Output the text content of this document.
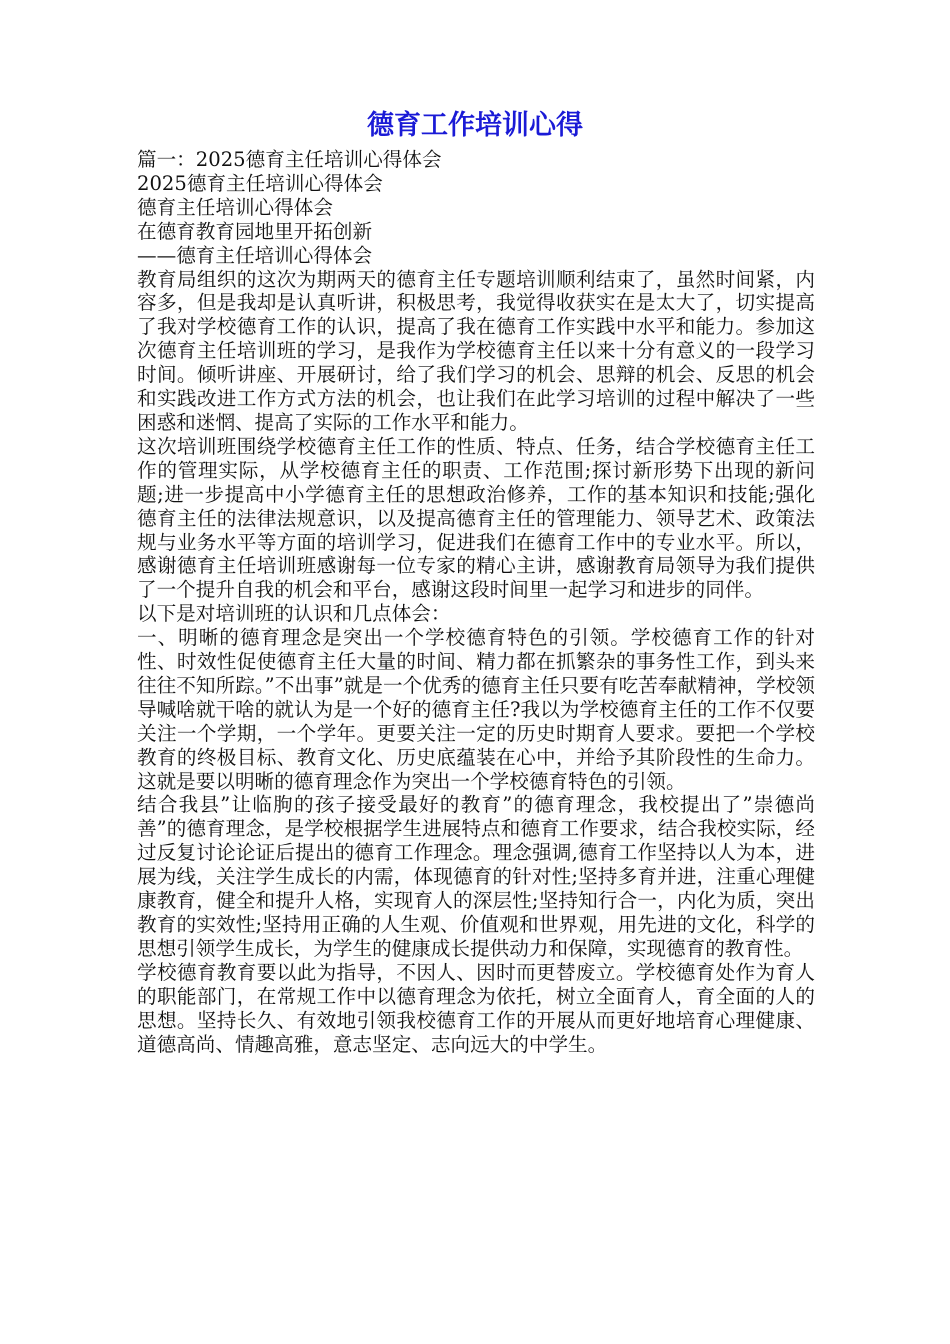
德育工作培训心得
篇一：2025德育主任培训心得体会
2025德育主任培训心得体会
德育主任培训心得体会
在德育教育园地里开拓创新
——德育主任培训心得体会

教育局组织的这次为期两天的德育主任专题培训顺利结束了，虽然时间紧，内容多，但是我却是认真听讲，积极思考，我觉得收获实在是太大了，切实提高了我对学校德育工作的认识，提高了我在德育工作实践中水平和能力。参加这次德育主任培训班的学习，是我作为学校德育主任以来十分有意义的一段学习时间。倾听讲座、开展研讨，给了我们学习的机会、思辩的机会、反思的机会和实践改进工作方式方法的机会，也让我们在此学习培训的过程中解决了一些困惑和迷惘、提高了实际的工作水平和能力。

这次培训班围绕学校德育主任工作的性质、特点、任务，结合学校德育主任工作的管理实际，从学校德育主任的职责、工作范围;探讨新形势下出现的新问题;进一步提高中小学德育主任的思想政治修养，工作的基本知识和技能;强化德育主任的法律法规意识，以及提高德育主任的管理能力、领导艺术、政策法规与业务水平等方面的培训学习，促进我们在德育工作中的专业水平。所以，感谢德育主任培训班感谢每一位专家的精心主讲，感谢教育局领导为我们提供了一个提升自我的机会和平台，感谢这段时间里一起学习和进步的同伴。

以下是对培训班的认识和几点体会：

一、明晰的德育理念是突出一个学校德育特色的引领。学校德育工作的针对性、时效性促使德育主任大量的时间、精力都在抓繁杂的事务性工作，到头来往往不知所踪。”不出事”就是一个优秀的德育主任只要有吃苦奉献精神，学校领导喊啥就干啥的就认为是一个好的德育主任?我以为学校德育主任的工作不仅要关注一个学期，一个学年。更要关注一定的历史时期育人要求。要把一个学校教育的终极目标、教育文化、历史底蕴装在心中，并给予其阶段性的生命力。这就是要以明晰的德育理念作为突出一个学校德育特色的引领。

结合我县”让临朐的孩子接受最好的教育”的德育理念，我校提出了”崇德尚善”的德育理念，是学校根据学生进展特点和德育工作要求，结合我校实际，经过反复讨论论证后提出的德育工作理念。理念强调,德育工作坚持以人为本，进展为线，关注学生成长的内需，体现德育的针对性;坚持多育并进，注重心理健康教育，健全和提升人格，实现育人的深层性;坚持知行合一，内化为质，突出教育的实效性;坚持用正确的人生观、价值观和世界观，用先进的文化，科学的思想引领学生成长，为学生的健康成长提供动力和保障，实现德育的教育性。

学校德育教育要以此为指导，不因人、因时而更替废立。学校德育处作为育人的职能部门，在常规工作中以德育理念为依托，树立全面育人，育全面的人的思想。坚持长久、有效地引领我校德育工作的开展从而更好地培育心理健康、道德高尚、情趣高雅，意志坚定、志向远大的中学生。
